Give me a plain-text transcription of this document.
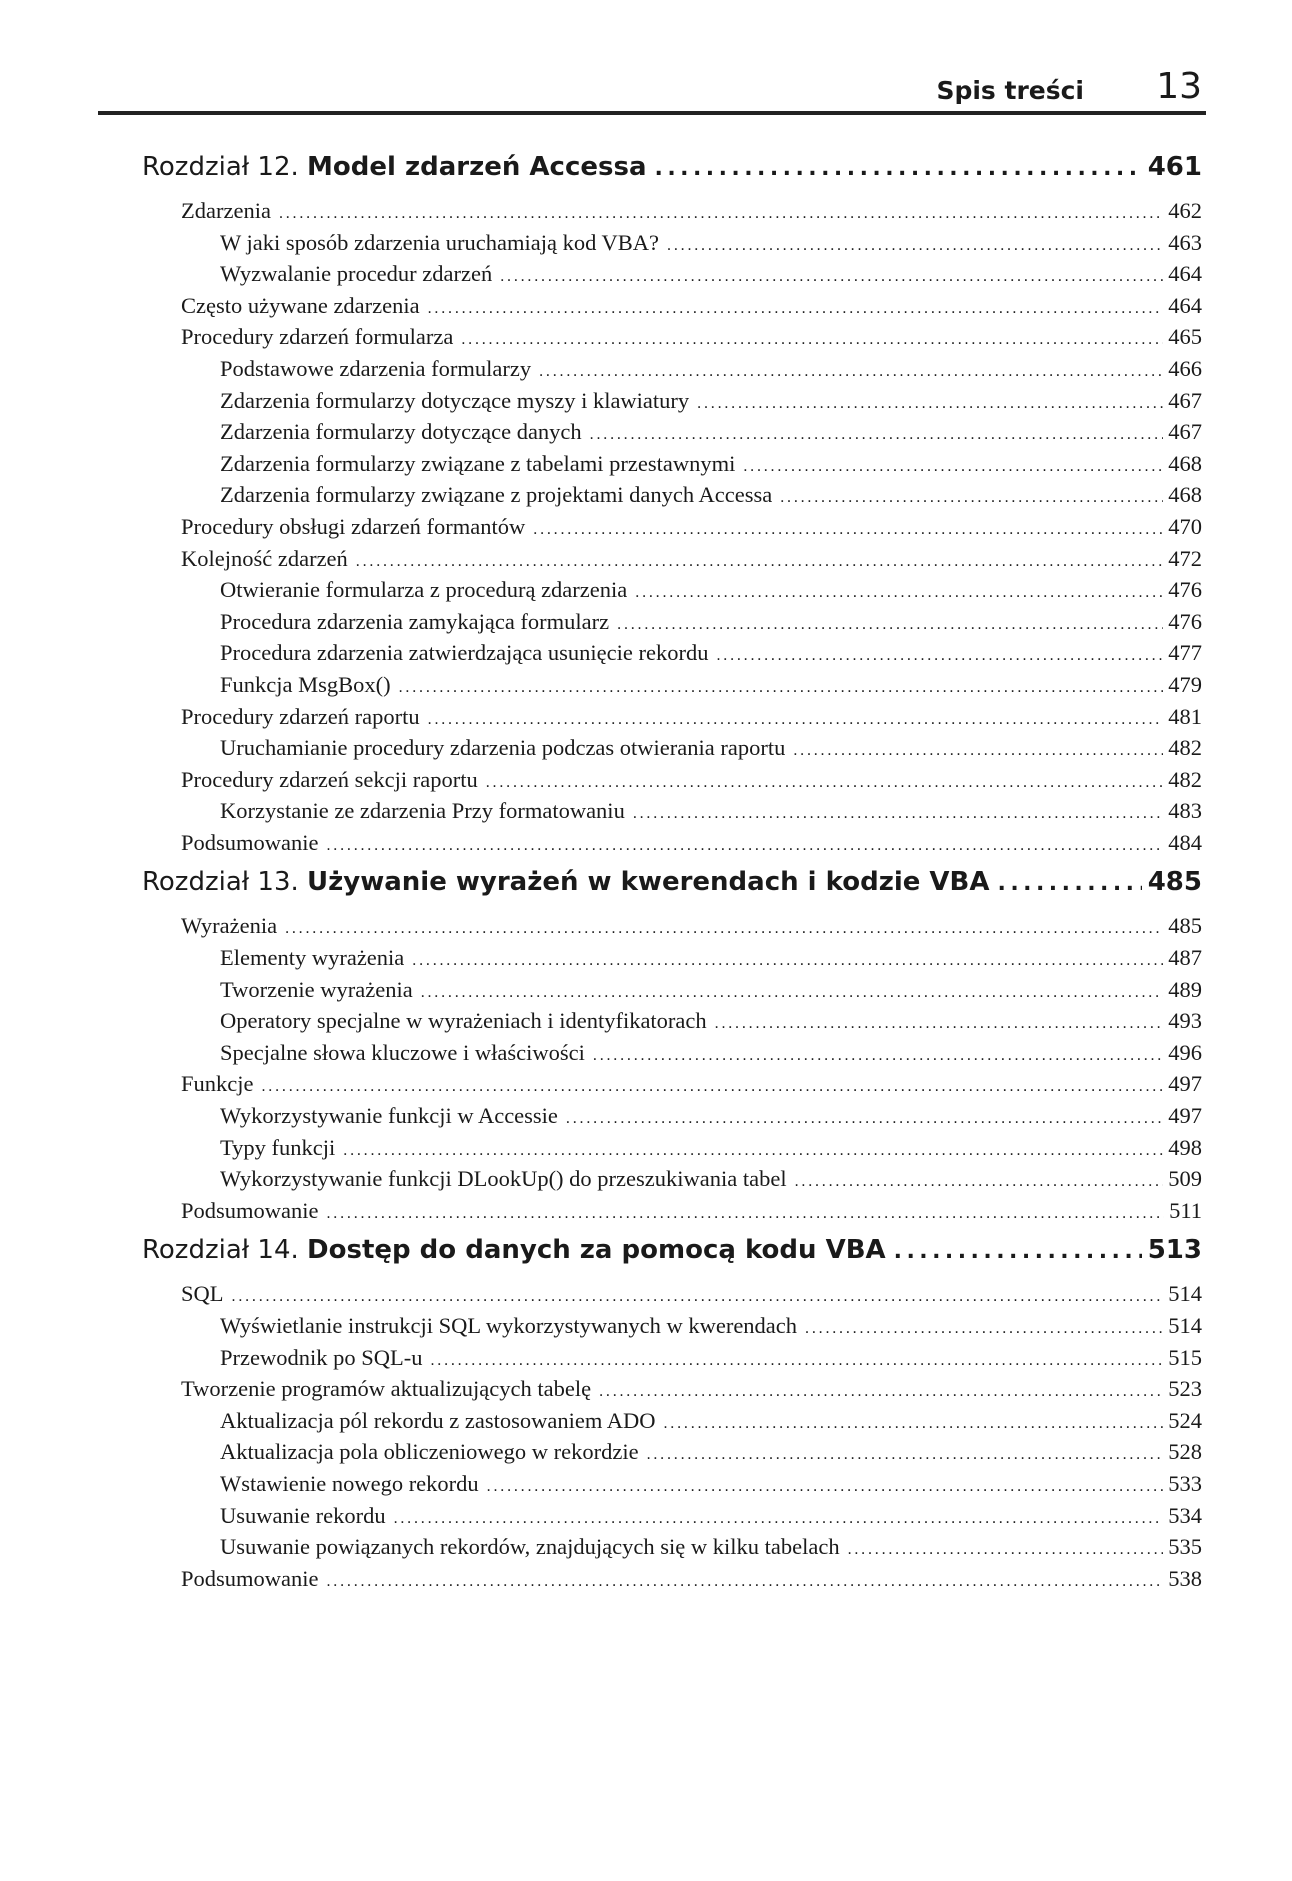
Spis treści 13
Rozdział 12.
Model zdarzeń Accessa . . .	461
Zdarzenia . . .	462
W jaki sposób zdarzenia uruchamiają kod VBA? . . .	463
Wyzwalanie procedur zdarzeń . . .	464
Często używane zdarzenia . . .	464
Procedury zdarzeń formularza . . .	465
Podstawowe zdarzenia formularzy . . .	466
Zdarzenia formularzy dotyczące myszy i klawiatury . . .	467
Zdarzenia formularzy dotyczące danych . . .	467
Zdarzenia formularzy związane z tabelami przestawnymi . . .	468
Zdarzenia formularzy związane z projektami danych Accessa . . .	468
Procedury obsługi zdarzeń formantów . . .	470
Kolejność zdarzeń . . .	472
Otwieranie formularza z procedurą zdarzenia . . .	476
Procedura zdarzenia zamykająca formularz . . .	476
Procedura zdarzenia zatwierdzająca usunięcie rekordu . . .	477
Funkcja MsgBox() . . .	479
Procedury zdarzeń raportu . . .	481
Uruchamianie procedury zdarzenia podczas otwierania raportu . . .	482
Procedury zdarzeń sekcji raportu . . .	482
Korzystanie ze zdarzenia Przy formatowaniu . . .	483
Podsumowanie . . .	484
Rozdział 13.
Używanie wyrażeń w kwerendach i kodzie VBA . . .	485
Wyrażenia . . .	485
Elementy wyrażenia . . .	487
Tworzenie wyrażenia . . .	489
Operatory specjalne w wyrażeniach i identyfikatorach . . .	493
Specjalne słowa kluczowe i właściwości . . .	496
Funkcje . . .	497
Wykorzystywanie funkcji w Accessie . . .	497
Typy funkcji . . .	498
Wykorzystywanie funkcji DLookUp() do przeszukiwania tabel . . .	509
Podsumowanie . . .	511
Rozdział 14.
Dostęp do danych za pomocą kodu VBA . . .	513
SQL . . .	514
Wyświetlanie instrukcji SQL wykorzystywanych w kwerendach . . .	514
Przewodnik po SQL-u . . .	515
Tworzenie programów aktualizujących tabelę . . .	523
Aktualizacja pól rekordu z zastosowaniem ADO . . .	524
Aktualizacja pola obliczeniowego w rekordzie . . .	528
Wstawienie nowego rekordu . . .	533
Usuwanie rekordu . . .	534
Usuwanie powiązanych rekordów, znajdujących się w kilku tabelach . . .	535
Podsumowanie . . .	538
